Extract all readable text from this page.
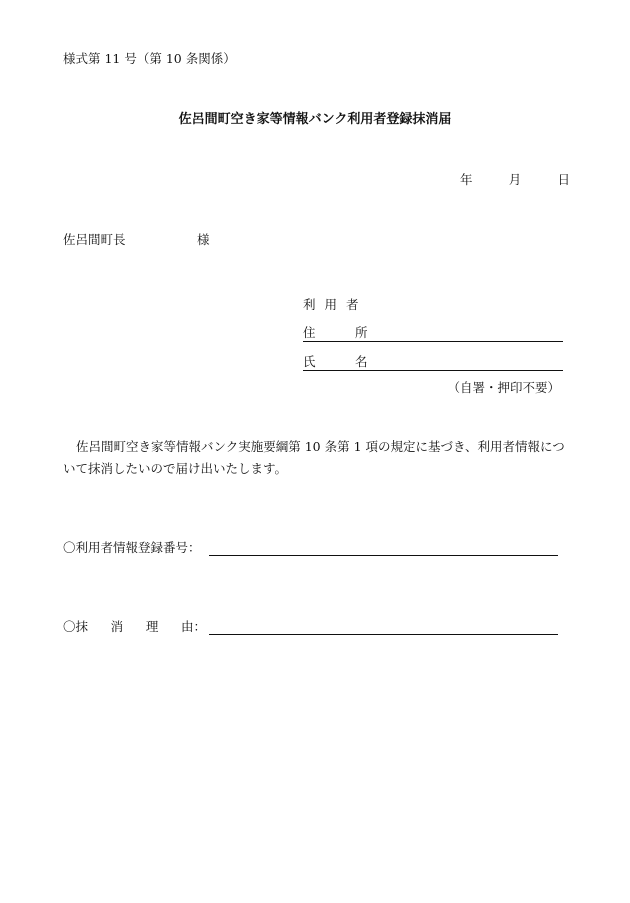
様式第 11 号（第 10 条関係）
佐呂間町空き家等情報バンク利用者登録抹消届
年	月	日
佐呂間町長	様
利用者
住	所
氏	名
（自署・押印不要）
佐呂間町空き家等情報バンク実施要綱第 10 条第 1 項の規定に基づき、利用者情報について抹消したいので届け出いたします。
〇利用者情報登録番号：
〇 抹 消 理 由 ：
